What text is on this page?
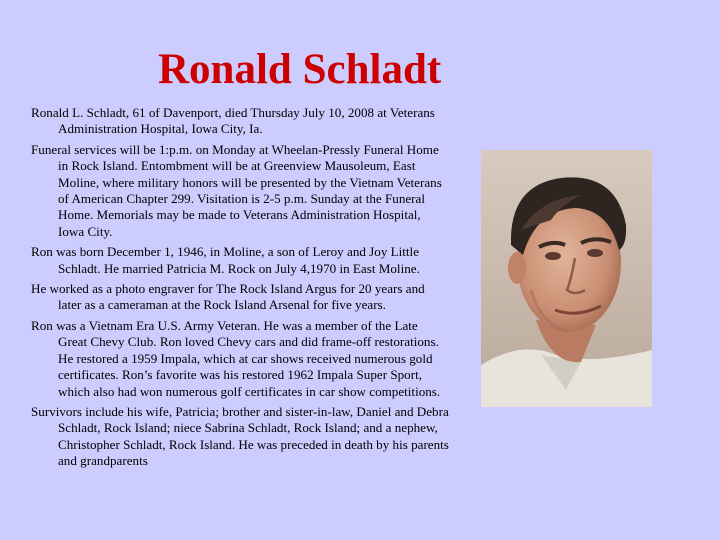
Ronald Schladt

Ronald L. Schladt, 61 of Davenport, died Thursday July 10, 2008 at Veterans Administration Hospital, Iowa City, Ia.

Funeral services will be 1:p.m. on Monday at Wheelan-Pressly Funeral Home in Rock Island. Entombment will be at Greenview Mausoleum, East Moline, where military honors will be presented by the Vietnam Veterans of American Chapter 299. Visitation is 2-5 p.m. Sunday at the Funeral Home. Memorials may be made to Veterans Administration Hospital, Iowa City.

Ron was born December 1, 1946, in Moline, a son of Leroy and Joy Little Schladt. He married Patricia M. Rock on July 4,1970 in East Moline.

He worked as a photo engraver for The Rock Island Argus for 20 years and later as a cameraman at the Rock Island Arsenal for five years.

Ron was a Vietnam Era U.S. Army Veteran. He was a member of the Late Great Chevy Club. Ron loved Chevy cars and did frame-off restorations. He restored a 1959 Impala, which at car shows received numerous gold certificates. Ron’s favorite was his restored 1962 Impala Super Sport, which also had won numerous golf certificates in car show competitions.

Survivors include his wife, Patricia; brother and sister-in-law, Daniel and Debra Schladt, Rock Island; niece Sabrina Schladt, Rock Island; and a nephew, Christopher Schladt, Rock Island. He was preceded in death by his parents and grandparents
